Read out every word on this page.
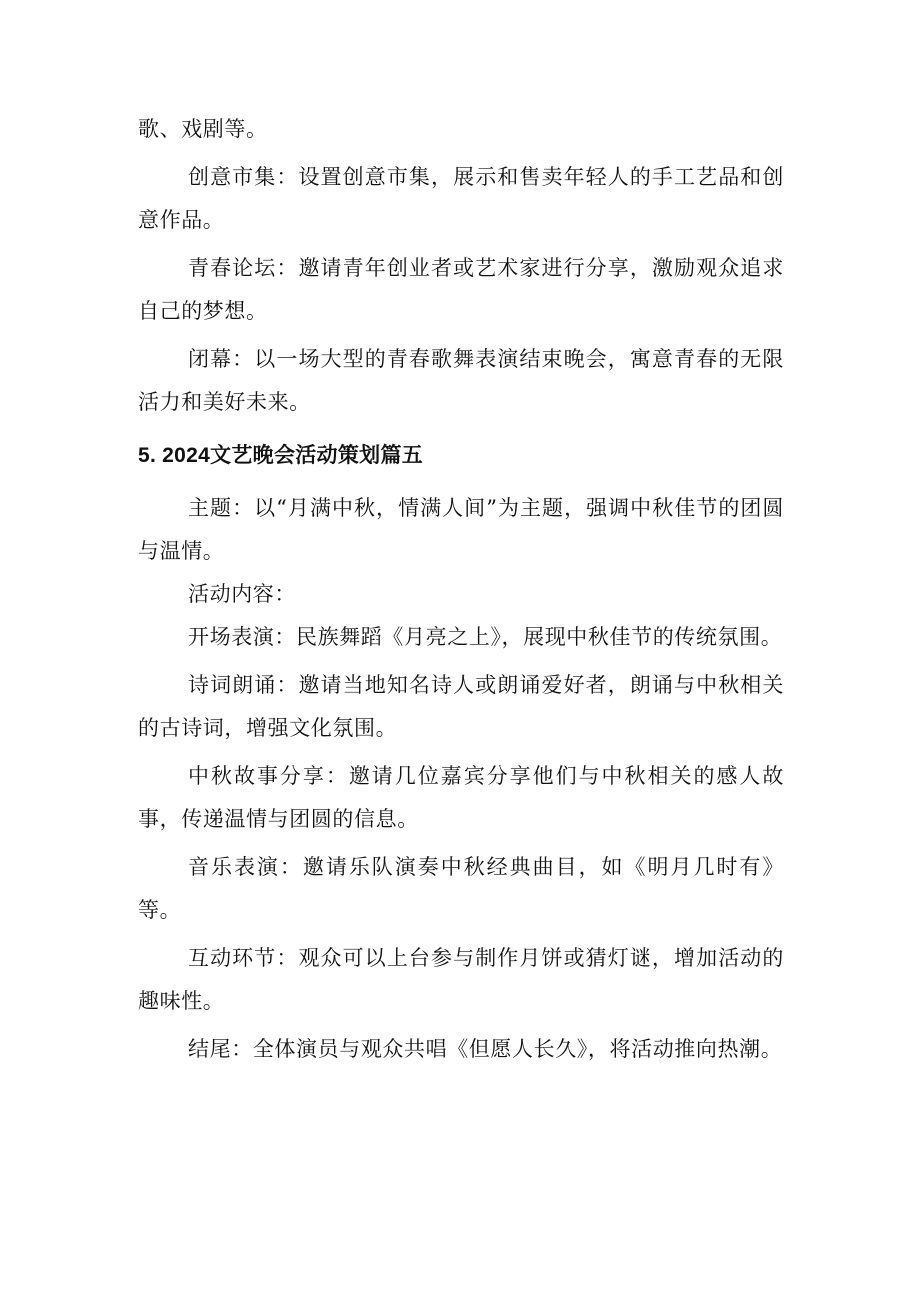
歌、戏剧等。

创意市集：设置创意市集，展示和售卖年轻人的手工艺品和创意作品。

青春论坛：邀请青年创业者或艺术家进行分享，激励观众追求自己的梦想。

闭幕：以一场大型的青春歌舞表演结束晚会，寓意青春的无限活力和美好未来。

5. 2024文艺晚会活动策划篇五

主题：以“月满中秋，情满人间”为主题，强调中秋佳节的团圆与温情。

活动内容：

开场表演：民族舞蹈《月亮之上》，展现中秋佳节的传统氛围。

诗词朗诵：邀请当地知名诗人或朗诵爱好者，朗诵与中秋相关的古诗词，增强文化氛围。

中秋故事分享：邀请几位嘉宾分享他们与中秋相关的感人故事，传递温情与团圆的信息。

音乐表演：邀请乐队演奏中秋经典曲目，如《明月几时有》等。

互动环节：观众可以上台参与制作月饼或猜灯谜，增加活动的趣味性。

结尾：全体演员与观众共唱《但愿人长久》，将活动推向热潮。
